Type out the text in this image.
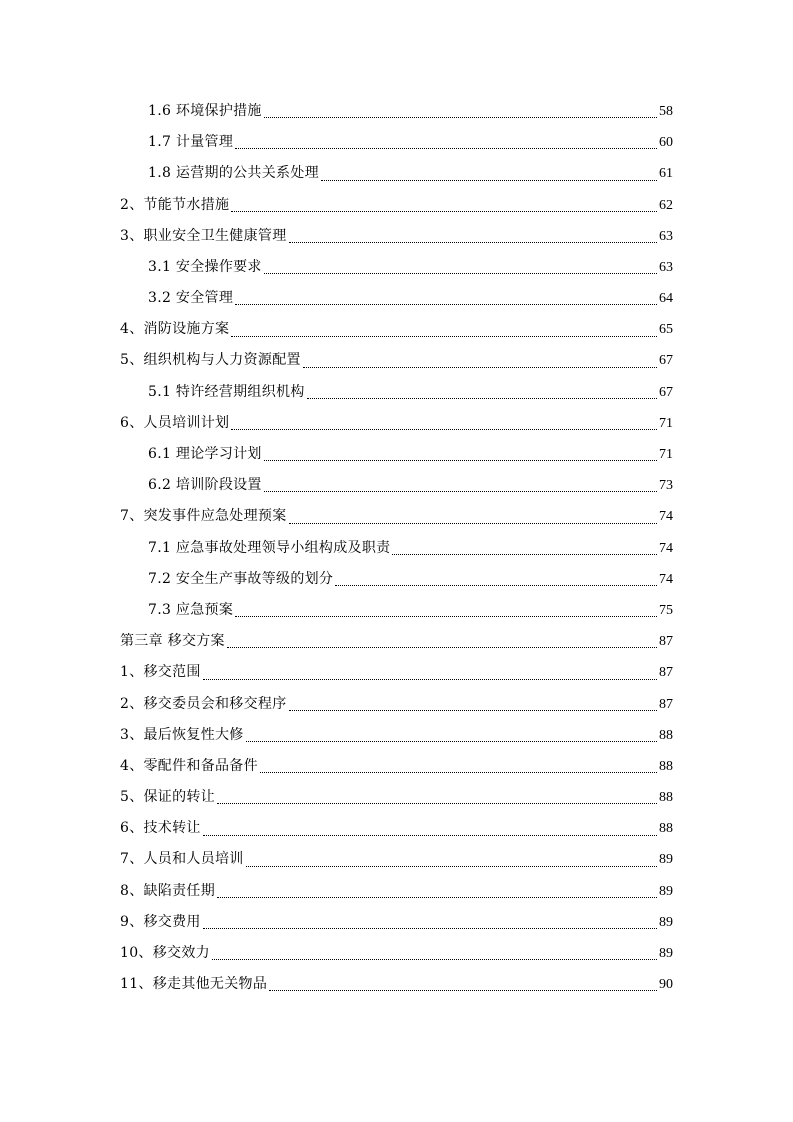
1.6 环境保护措施	58
1.7 计量管理	60
1.8 运营期的公共关系处理	61
2、节能节水措施	62
3、职业安全卫生健康管理	63
3.1 安全操作要求	63
3.2 安全管理	64
4、消防设施方案	65
5、组织机构与人力资源配置	67
5.1 特许经营期组织机构	67
6、人员培训计划	71
6.1 理论学习计划	71
6.2 培训阶段设置	73
7、突发事件应急处理预案	74
7.1 应急事故处理领导小组构成及职责	74
7.2 安全生产事故等级的划分	74
7.3 应急预案	75
第三章 移交方案	87
1、移交范围	87
2、移交委员会和移交程序	87
3、最后恢复性大修	88
4、零配件和备品备件	88
5、保证的转让	88
6、技术转让	88
7、人员和人员培训	89
8、缺陷责任期	89
9、移交费用	89
10、移交效力	89
11、移走其他无关物品	90
